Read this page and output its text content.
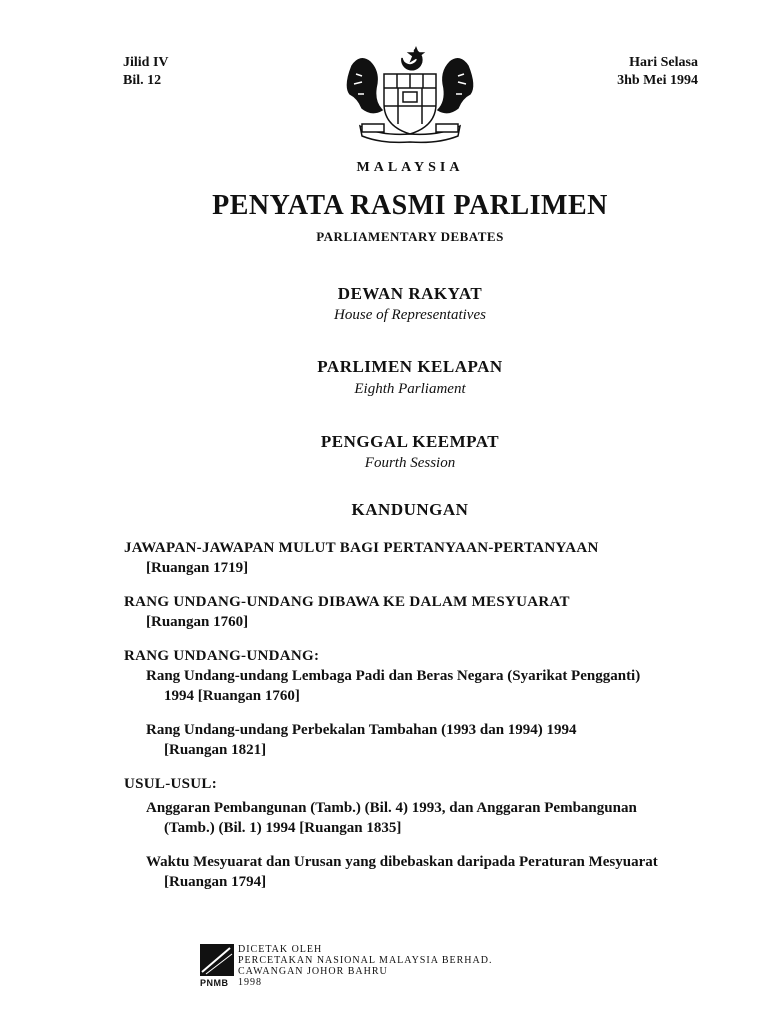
Jilid IV
Bil. 12
Hari Selasa
3hb Mei 1994
MALAYSIA
PENYATA RASMI PARLIMEN
PARLIAMENTARY DEBATES
DEWAN RAKYAT
House of Representatives
PARLIMEN KELAPAN
Eighth Parliament
PENGGAL KEEMPAT
Fourth Session
KANDUNGAN
JAWAPAN-JAWAPAN MULUT BAGI PERTANYAAN-PERTANYAAN
[Ruangan 1719]
RANG UNDANG-UNDANG DIBAWA KE DALAM MESYUARAT
[Ruangan 1760]
RANG UNDANG-UNDANG:
Rang Undang-undang Lembaga Padi dan Beras Negara (Syarikat Pengganti)
1994 [Ruangan 1760]
Rang Undang-undang Perbekalan Tambahan (1993 dan 1994) 1994
[Ruangan 1821]
USUL-USUL:
Anggaran Pembangunan (Tamb.) (Bil. 4) 1993, dan Anggaran Pembangunan
(Tamb.) (Bil. 1) 1994 [Ruangan 1835]
Waktu Mesyuarat dan Urusan yang dibebaskan daripada Peraturan Mesyuarat
[Ruangan 1794]
PNMB
DICETAK OLEH
PERCETAKAN NASIONAL MALAYSIA BERHAD.
CAWANGAN JOHOR BAHRU
1998
